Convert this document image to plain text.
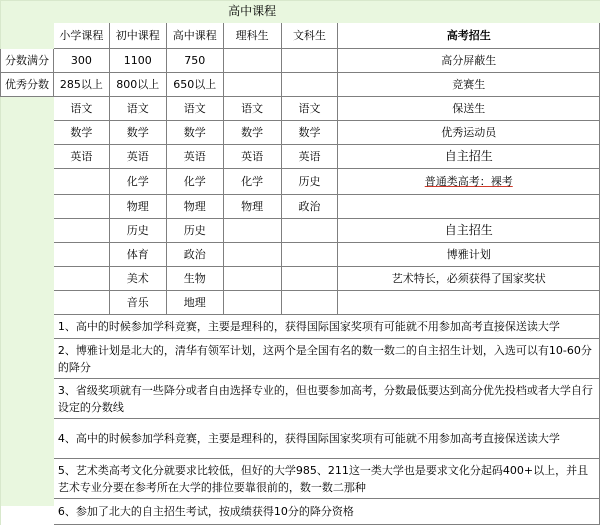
			高中课程				
	小学课程	初中课程	高中课程	理科生	文科生	高考招生	
分数满分	300	1100	750			高分屏蔽生	
优秀分数	285以上	800以上	650以上			竞赛生	
	语文	语文	语文	语文	语文	保送生	
	数学	数学	数学	数学	数学	优秀运动员	
	英语	英语	英语	英语	英语	自主招生	
		化学	化学	化学	历史	普通类高考：裸考	
		物理	物理	物理	政治		
		历史	历史			自主招生	
		体育	政治			博雅计划	
		美术	生物			艺术特长，必须获得了国家奖状	
		音乐	地理				
	1、高中的时候参加学科竞赛，主要是理科的，获得国际国家奖项有可能就不用参加高考直接保送读大学						
	2、博雅计划是北大的，清华有领军计划，这两个是全国有名的数一数二的自主招生计划，入选可以有10-60分的降分						
	3、省级奖项就有一些降分或者自由选择专业的，但也要参加高考，分数最低要达到高分优先投档或者大学自行设定的分数线						
	4、高中的时候参加学科竞赛，主要是理科的，获得国际国家奖项有可能就不用参加高考直接保送读大学						
	5、艺术类高考文化分就要求比较低，但好的大学985、211这一类大学也是要求文化分起码400+以上，并且艺术专业分要在参考所在大学的排位要靠很前的，数一数二那种						
	6、参加了北大的自主招生考试，按成绩获得10分的降分资格						
